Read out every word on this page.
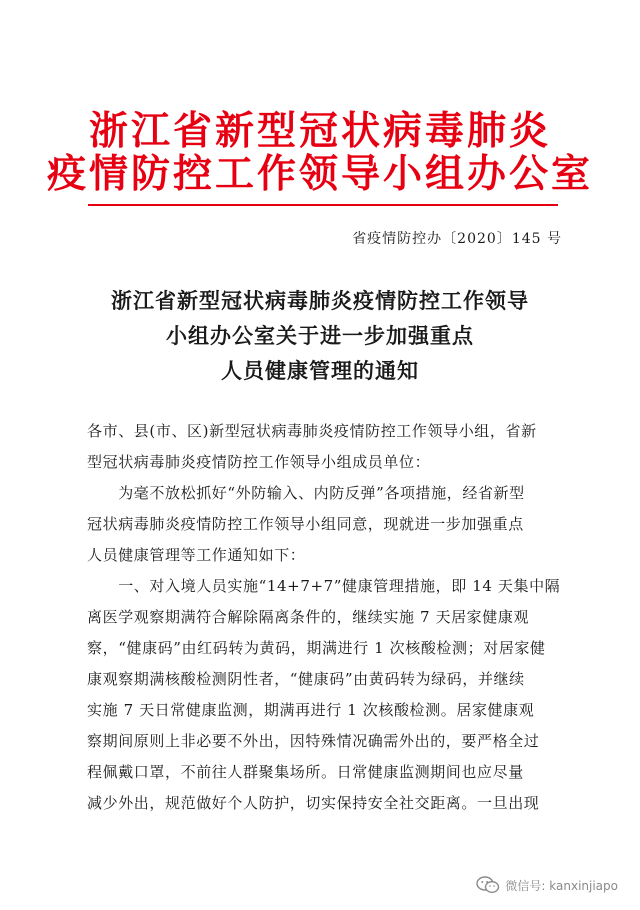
浙江省新型冠状病毒肺炎
疫情防控工作领导小组办公室
省疫情防控办〔2020〕145 号
浙江省新型冠状病毒肺炎疫情防控工作领导
小组办公室关于进一步加强重点
人员健康管理的通知
各市、县(市、区)新型冠状病毒肺炎疫情防控工作领导小组，省新
型冠状病毒肺炎疫情防控工作领导小组成员单位：
　　为毫不放松抓好“外防输入、内防反弹”各项措施，经省新型
冠状病毒肺炎疫情防控工作领导小组同意，现就进一步加强重点
人员健康管理等工作通知如下：
　　一、对入境人员实施“14+7+7”健康管理措施，即 14 天集中隔
离医学观察期满符合解除隔离条件的，继续实施 7 天居家健康观
察，“健康码”由红码转为黄码，期满进行 1 次核酸检测；对居家健
康观察期满核酸检测阴性者，“健康码”由黄码转为绿码，并继续
实施 7 天日常健康监测，期满再进行 1 次核酸检测。居家健康观
察期间原则上非必要不外出，因特殊情况确需外出的，要严格全过
程佩戴口罩，不前往人群聚集场所。日常健康监测期间也应尽量
减少外出，规范做好个人防护，切实保持安全社交距离。一旦出现
微信号: kanxinjiapo
